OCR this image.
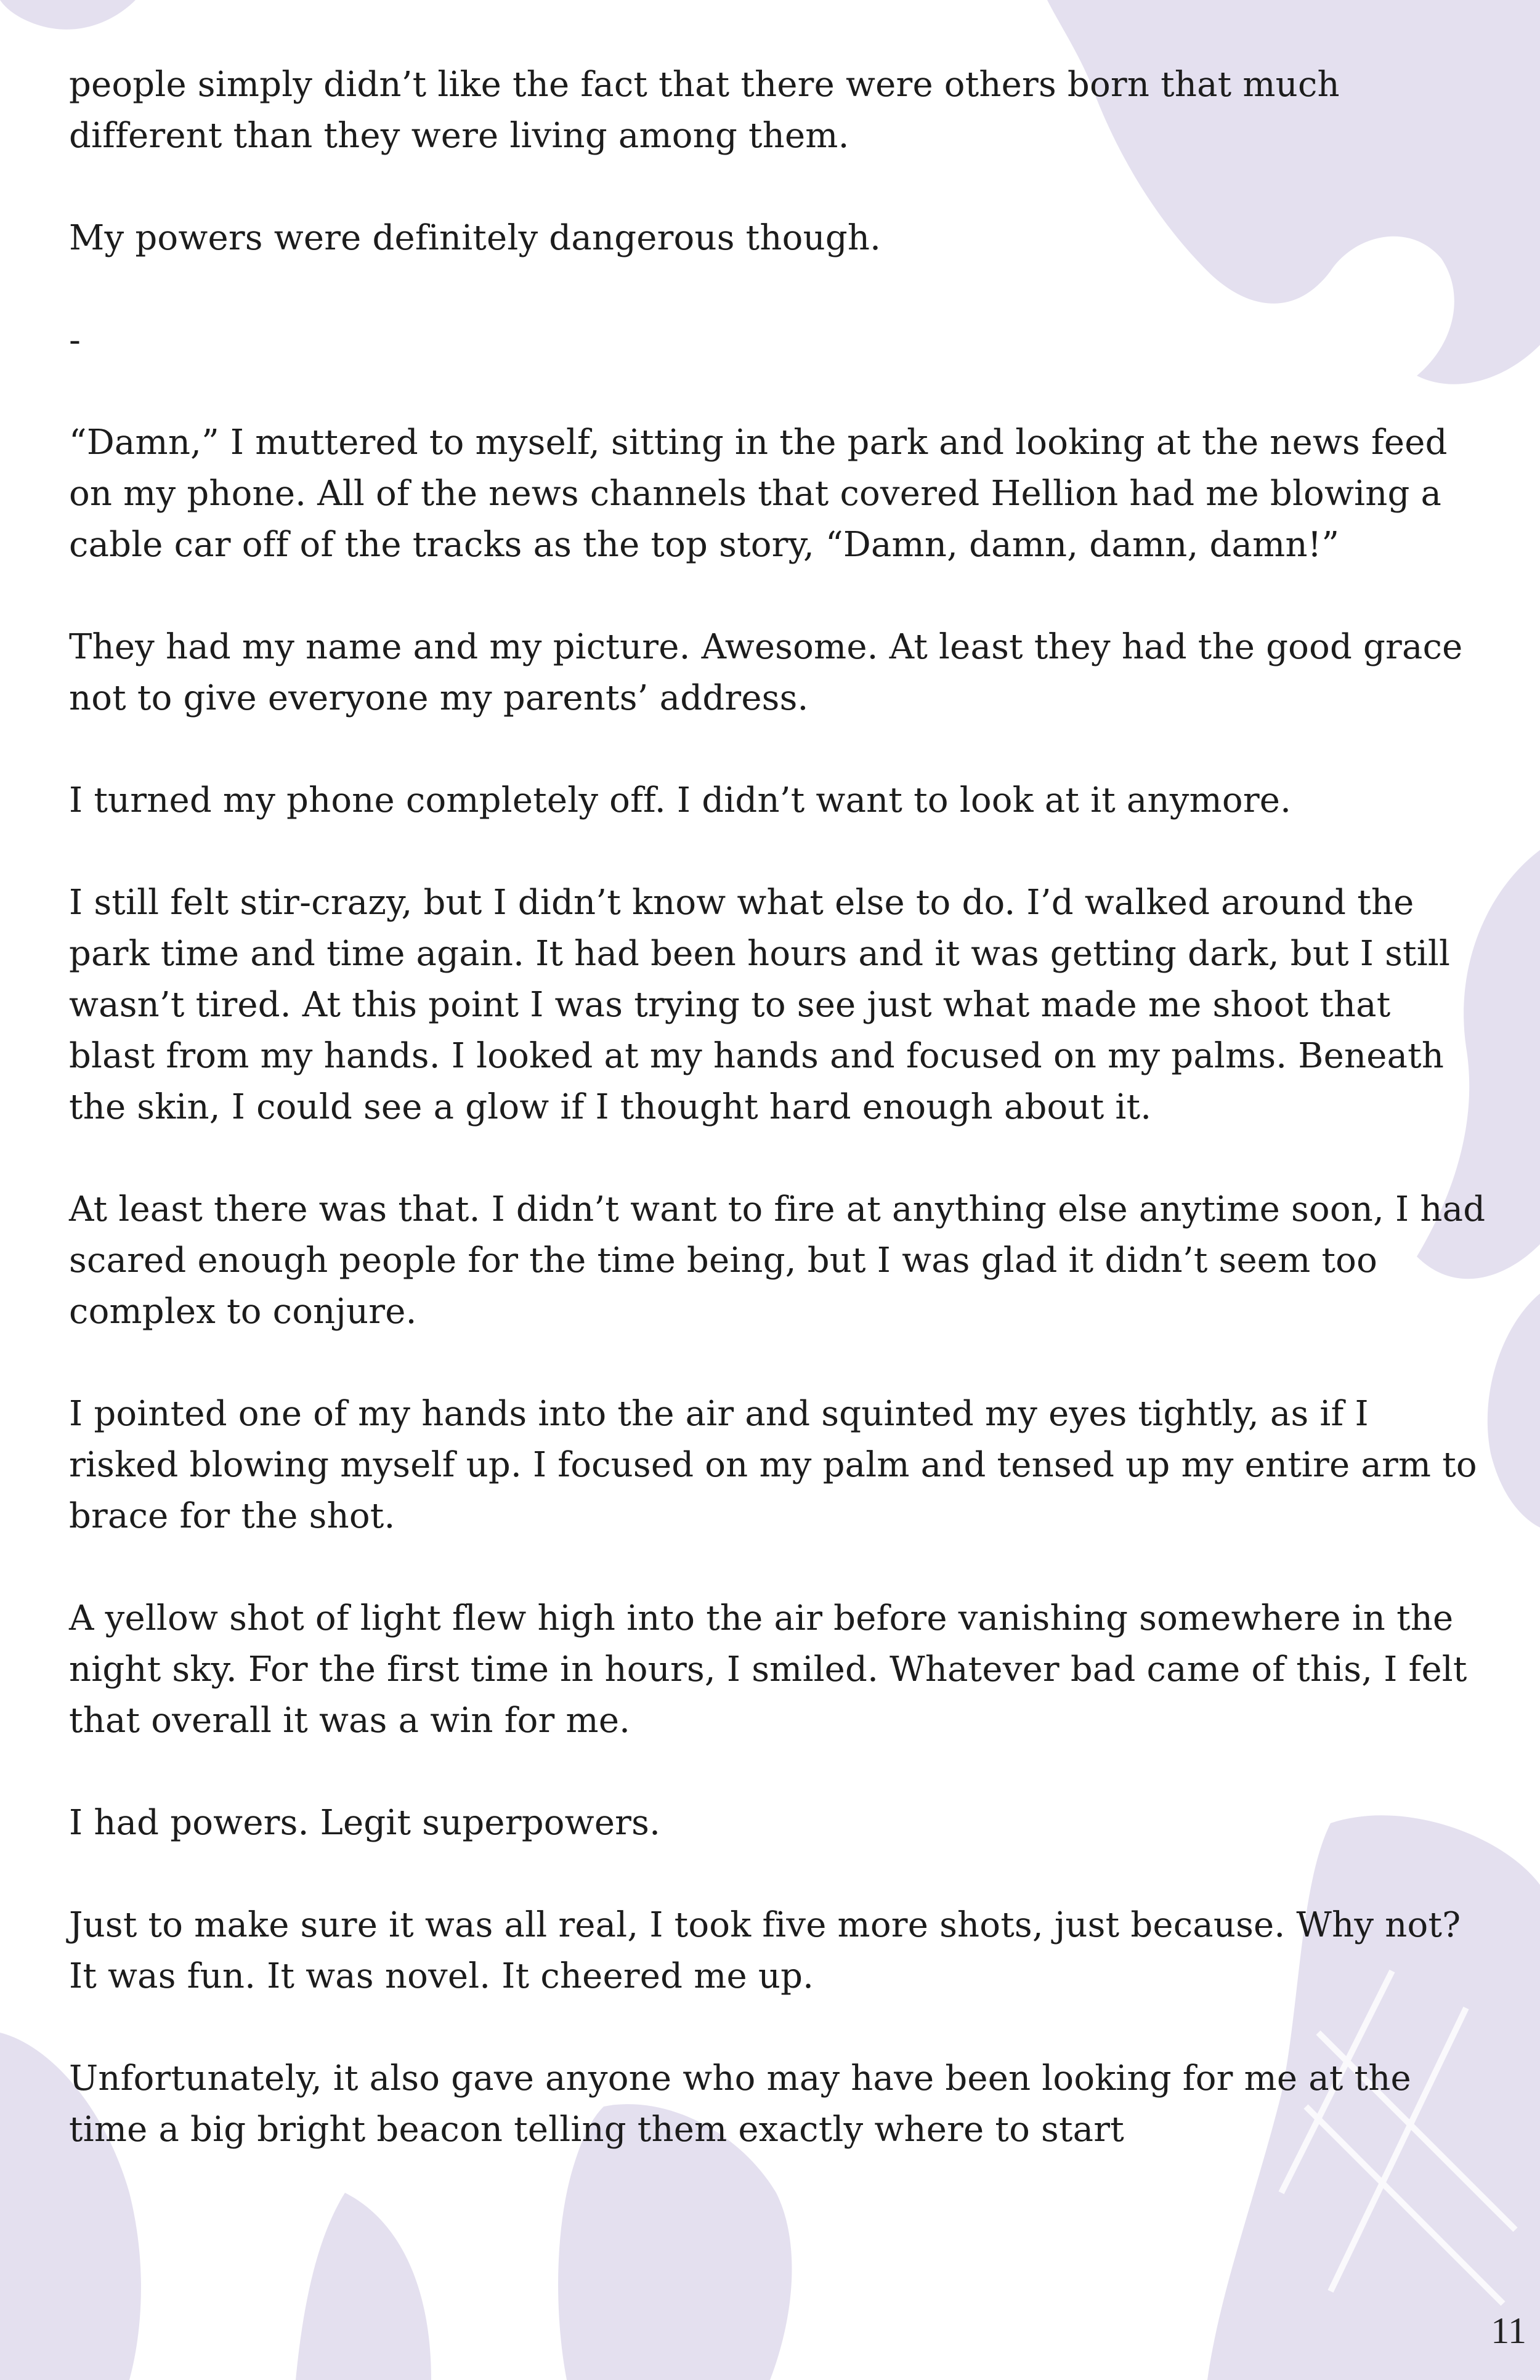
people simply didn’t like the fact that there were others born that much different than they were living among them.

My powers were definitely dangerous though.

-

“Damn,” I muttered to myself, sitting in the park and looking at the news feed on my phone. All of the news channels that covered Hellion had me blowing a cable car off of the tracks as the top story, “Damn, damn, damn, damn!”

They had my name and my picture. Awesome. At least they had the good grace not to give everyone my parents’ address.

I turned my phone completely off. I didn’t want to look at it anymore.

I still felt stir-crazy, but I didn’t know what else to do. I’d walked around the park time and time again. It had been hours and it was getting dark, but I still wasn’t tired. At this point I was trying to see just what made me shoot that blast from my hands. I looked at my hands and focused on my palms. Beneath the skin, I could see a glow if I thought hard enough about it.

At least there was that. I didn’t want to fire at anything else anytime soon, I had scared enough people for the time being, but I was glad it didn’t seem too complex to conjure.

I pointed one of my hands into the air and squinted my eyes tightly, as if I risked blowing myself up. I focused on my palm and tensed up my entire arm to brace for the shot.

A yellow shot of light flew high into the air before vanishing somewhere in the night sky. For the first time in hours, I smiled. Whatever bad came of this, I felt that overall it was a win for me.

I had powers. Legit superpowers.

Just to make sure it was all real, I took five more shots, just because. Why not? It was fun. It was novel. It cheered me up.

Unfortunately, it also gave anyone who may have been looking for me at the time a big bright beacon telling them exactly where to start

11
